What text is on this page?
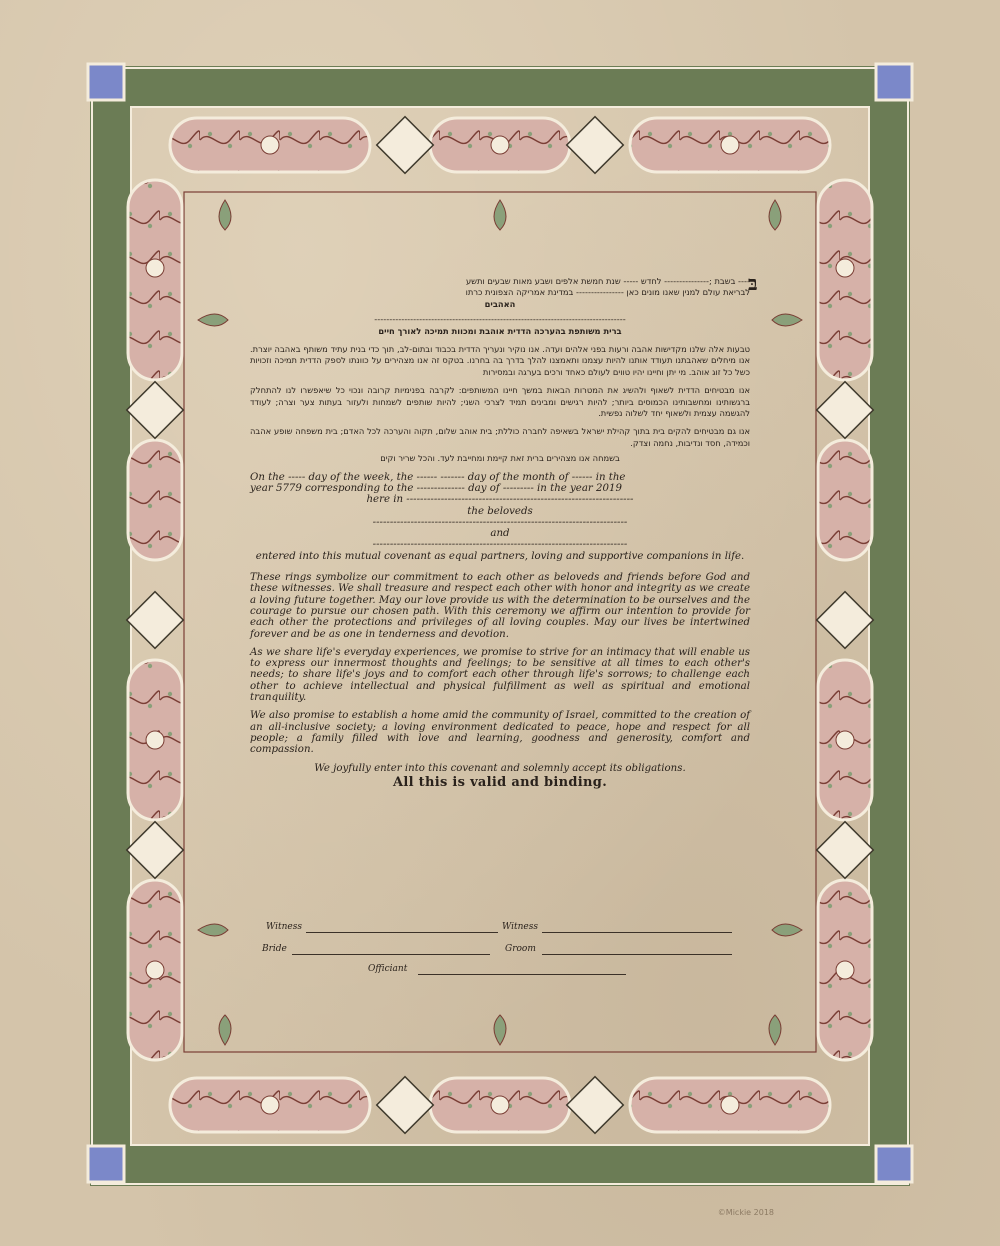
בּ

---- בשבת ;--------------- לחדש ----- שנת חמשת אלפים ושבע מאות שבעים ותשע

לבריאת עולם למנין שאנו מונים כאן ---------------- במדינת אמריקה הצפונית כרתו

האהבים

------------------------------------------------------------------------------------

ברית משותפת בהערכה הדדית אוהבת ומכוות תמיכה לאורך חיים

טבעות אלה שלנו מקדישות אהבה ורעות בפני אלהים ועדה. אנו נוקיר ונעריך הדדית בכבוד ובתום-לב, תוך כדי בנית עתיד משותף באהבה יוצרת. אנו מיחלים שאהבתנו תעודד אותנו להיות עצמנו ותאמצנו להלך בדרך בה בחרנו. בטקס זה אנו מצהירים על כוונתו לספק הדדית תמיכה וזכויות כשל כל זוג אוהב. מי יתן וחיינו יהיו טווים לעולם כאחד ורכים בערגה ובמסירות

אנו מבטיחים הדדית לשאוף ולהשיג את המטרות הבאות במשך חיינו המשותפים: לקרבה בפנימיות קרובה ונכוי כל שיאפשרו לנו להתחלק ברגשותינו ומחשבותינו הכמוסים ביותר; להיות רגישים ומבינים תמיד לצרכי השני; להיות שותפים לשמחות ולעזור בעתות צער וצרה; לעודד להגשמה עצמית ולשאוף יחד לשלוה נפשית.

אנו גם מבטיחים להקים בית בתוך קהילת ישראל בשאיפה לחברה כוללת; בית אוהב שלום, תקוה והערכה לכל האדם; בית משפחה שופע אהבה וכמידה, חסד ונדיבות, נחמה וצדק.

בשמחה אנו מצהירים ברית זאת קיימת ומחייבת לעד. והכל שריר וקים

On the ----- day of the week, the ------ ------- day of the month of ------ in the

year 5779 corresponding to the -------------- day of --------- in the year 2019

here in ------------------------------------------------------------------

the beloveds

--------------------------------------------------------------------------

and

--------------------------------------------------------------------------

entered into this mutual covenant as equal partners, loving and supportive companions in life.

These rings symbolize our commitment to each other as beloveds and friends before God and these witnesses. We shall treasure and respect each other with honor and integrity as we create a loving future together. May our love provide us with the determination to be ourselves and the courage to pursue our chosen path. With this ceremony we affirm our intention to provide for each other the protections and privileges of all loving couples. May our lives be intertwined forever and be as one in tenderness and devotion.

As we share life's everyday experiences, we promise to strive for an intimacy that will enable us to express our innermost thoughts and feelings; to be sensitive at all times to each other's needs; to share life's joys and to comfort each other through life's sorrows; to challenge each other to achieve intellectual and physical fulfillment as well as spiritual and emotional tranquility.

We also promise to establish a home amid the community of Israel, committed to the creation of an all-inclusive society; a loving environment dedicated to peace, hope and respect for all people; a family filled with love and learning, goodness and generosity, comfort and compassion.

We joyfully enter into this covenant and solemnly accept its obligations.

All this is valid and binding.

Witness	Witness
Bride	Groom
Officiant
©Mickie 2018
